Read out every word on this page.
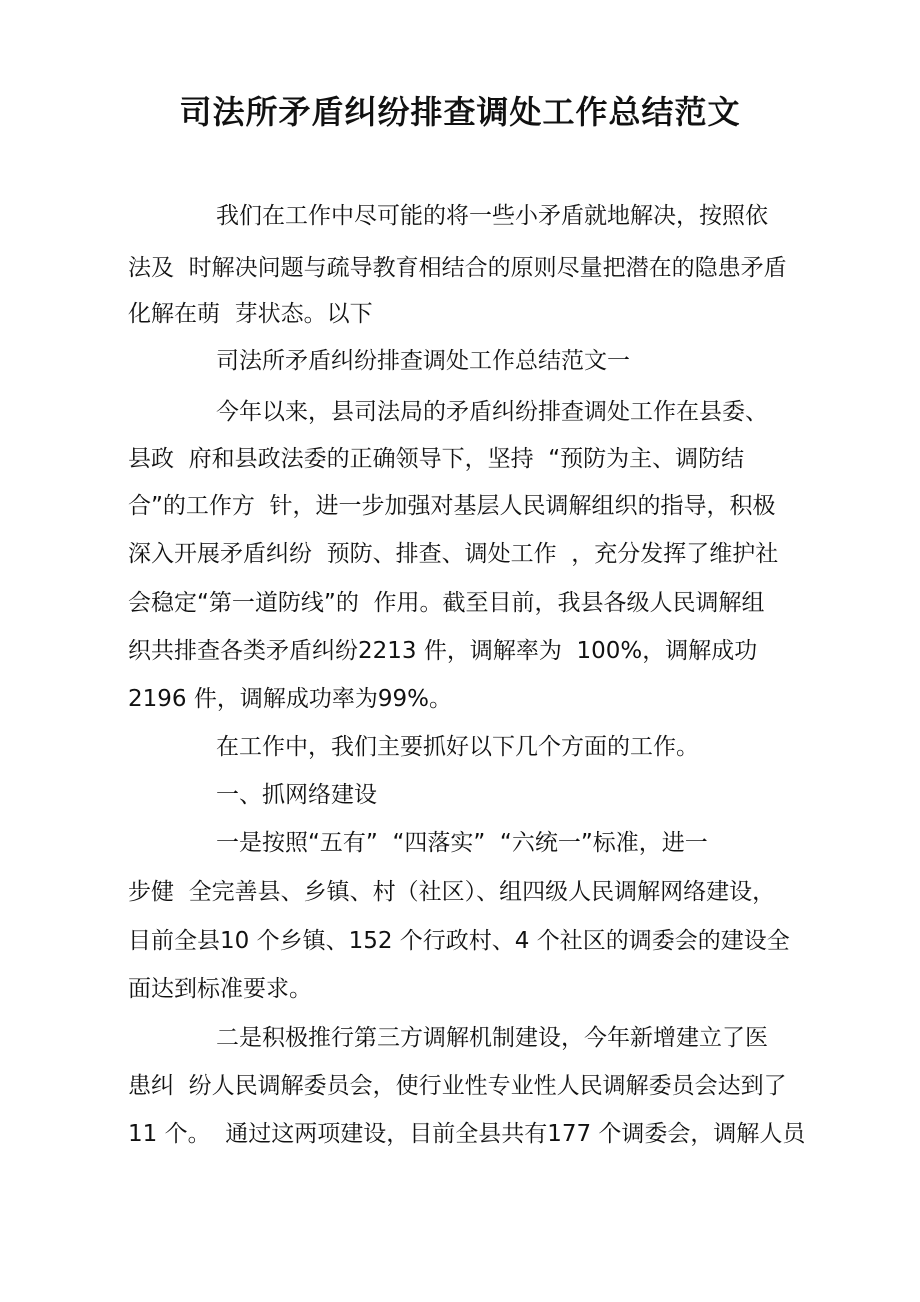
司法所矛盾纠纷排查调处工作总结范文

我们在工作中尽可能的将一些小矛盾就地解决，按照依

法及  时解决问题与疏导教育相结合的原则尽量把潜在的隐患矛盾

化解在萌  芽状态。以下

司法所矛盾纠纷排查调处工作总结范文一

今年以来，县司法局的矛盾纠纷排查调处工作在县委、

县政  府和县政法委的正确领导下，坚持  “预防为主、调防结

合”的工作方  针，进一步加强对基层人民调解组织的指导，积极

深入开展矛盾纠纷  预防、排查、调处工作  ，充分发挥了维护社

会稳定“第一道防线”的  作用。截至目前，我县各级人民调解组

织共排查各类矛盾纠纷2213 件，调解率为  100%，调解成功

2196 件，调解成功率为99%。

在工作中，我们主要抓好以下几个方面的工作。

一、抓网络建设

一是按照“五有”  “四落实”  “六统一”标准，进一

步健  全完善县、乡镇、村（社区）、组四级人民调解网络建设，

目前全县10 个乡镇、152 个行政村、4 个社区的调委会的建设全

面达到标准要求。

二是积极推行第三方调解机制建设，今年新增建立了医

患纠  纷人民调解委员会，使行业性专业性人民调解委员会达到了

11 个。  通过这两项建设，目前全县共有177 个调委会，调解人员
